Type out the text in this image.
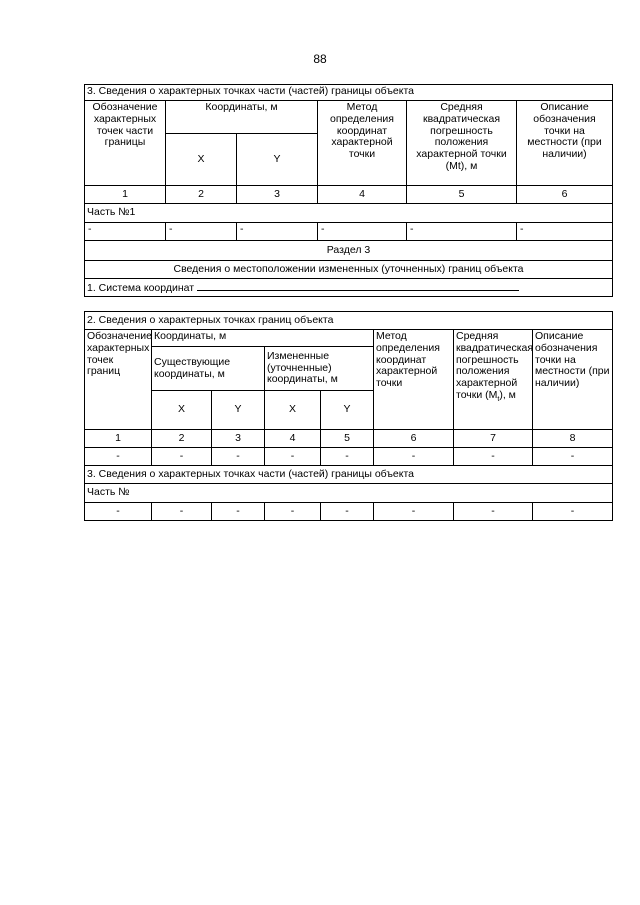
88
3. Сведения о характерных точках части (частей) границы объекта					
Обозначение характерных точек части границы	Координаты, м		Метод определения координат характерной точки	Средняя квадратическая погрешность положения характерной точки (Mt), м	Описание обозначения точки на местности (при наличии)
	X	Y			
1	2	3	4	5	6
Часть №1					
-	-	-	-	-	-
Раздел 3					
Сведения о местоположении измененных (уточненных) границ объекта					
1. Система координат					
2. Сведения о характерных точках границ объекта							
Обозначение характерных точек границ	Координаты, м				Метод определения координат характерной точки	Средняя квадратическая погрешность положения характерной точки $(M_t)$, м	Описание обозначения точки на местности (при наличии)
	Существующие координаты, м		Измененные (уточненные) координаты, м				
	X	Y	X	Y			
1	2	3	4	5	6	7	8
-	-	-	-	-	-	-	-
3. Сведения о характерных точках части (частей) границы объекта							
Часть №							
-	-	-	-	-	-	-	-
